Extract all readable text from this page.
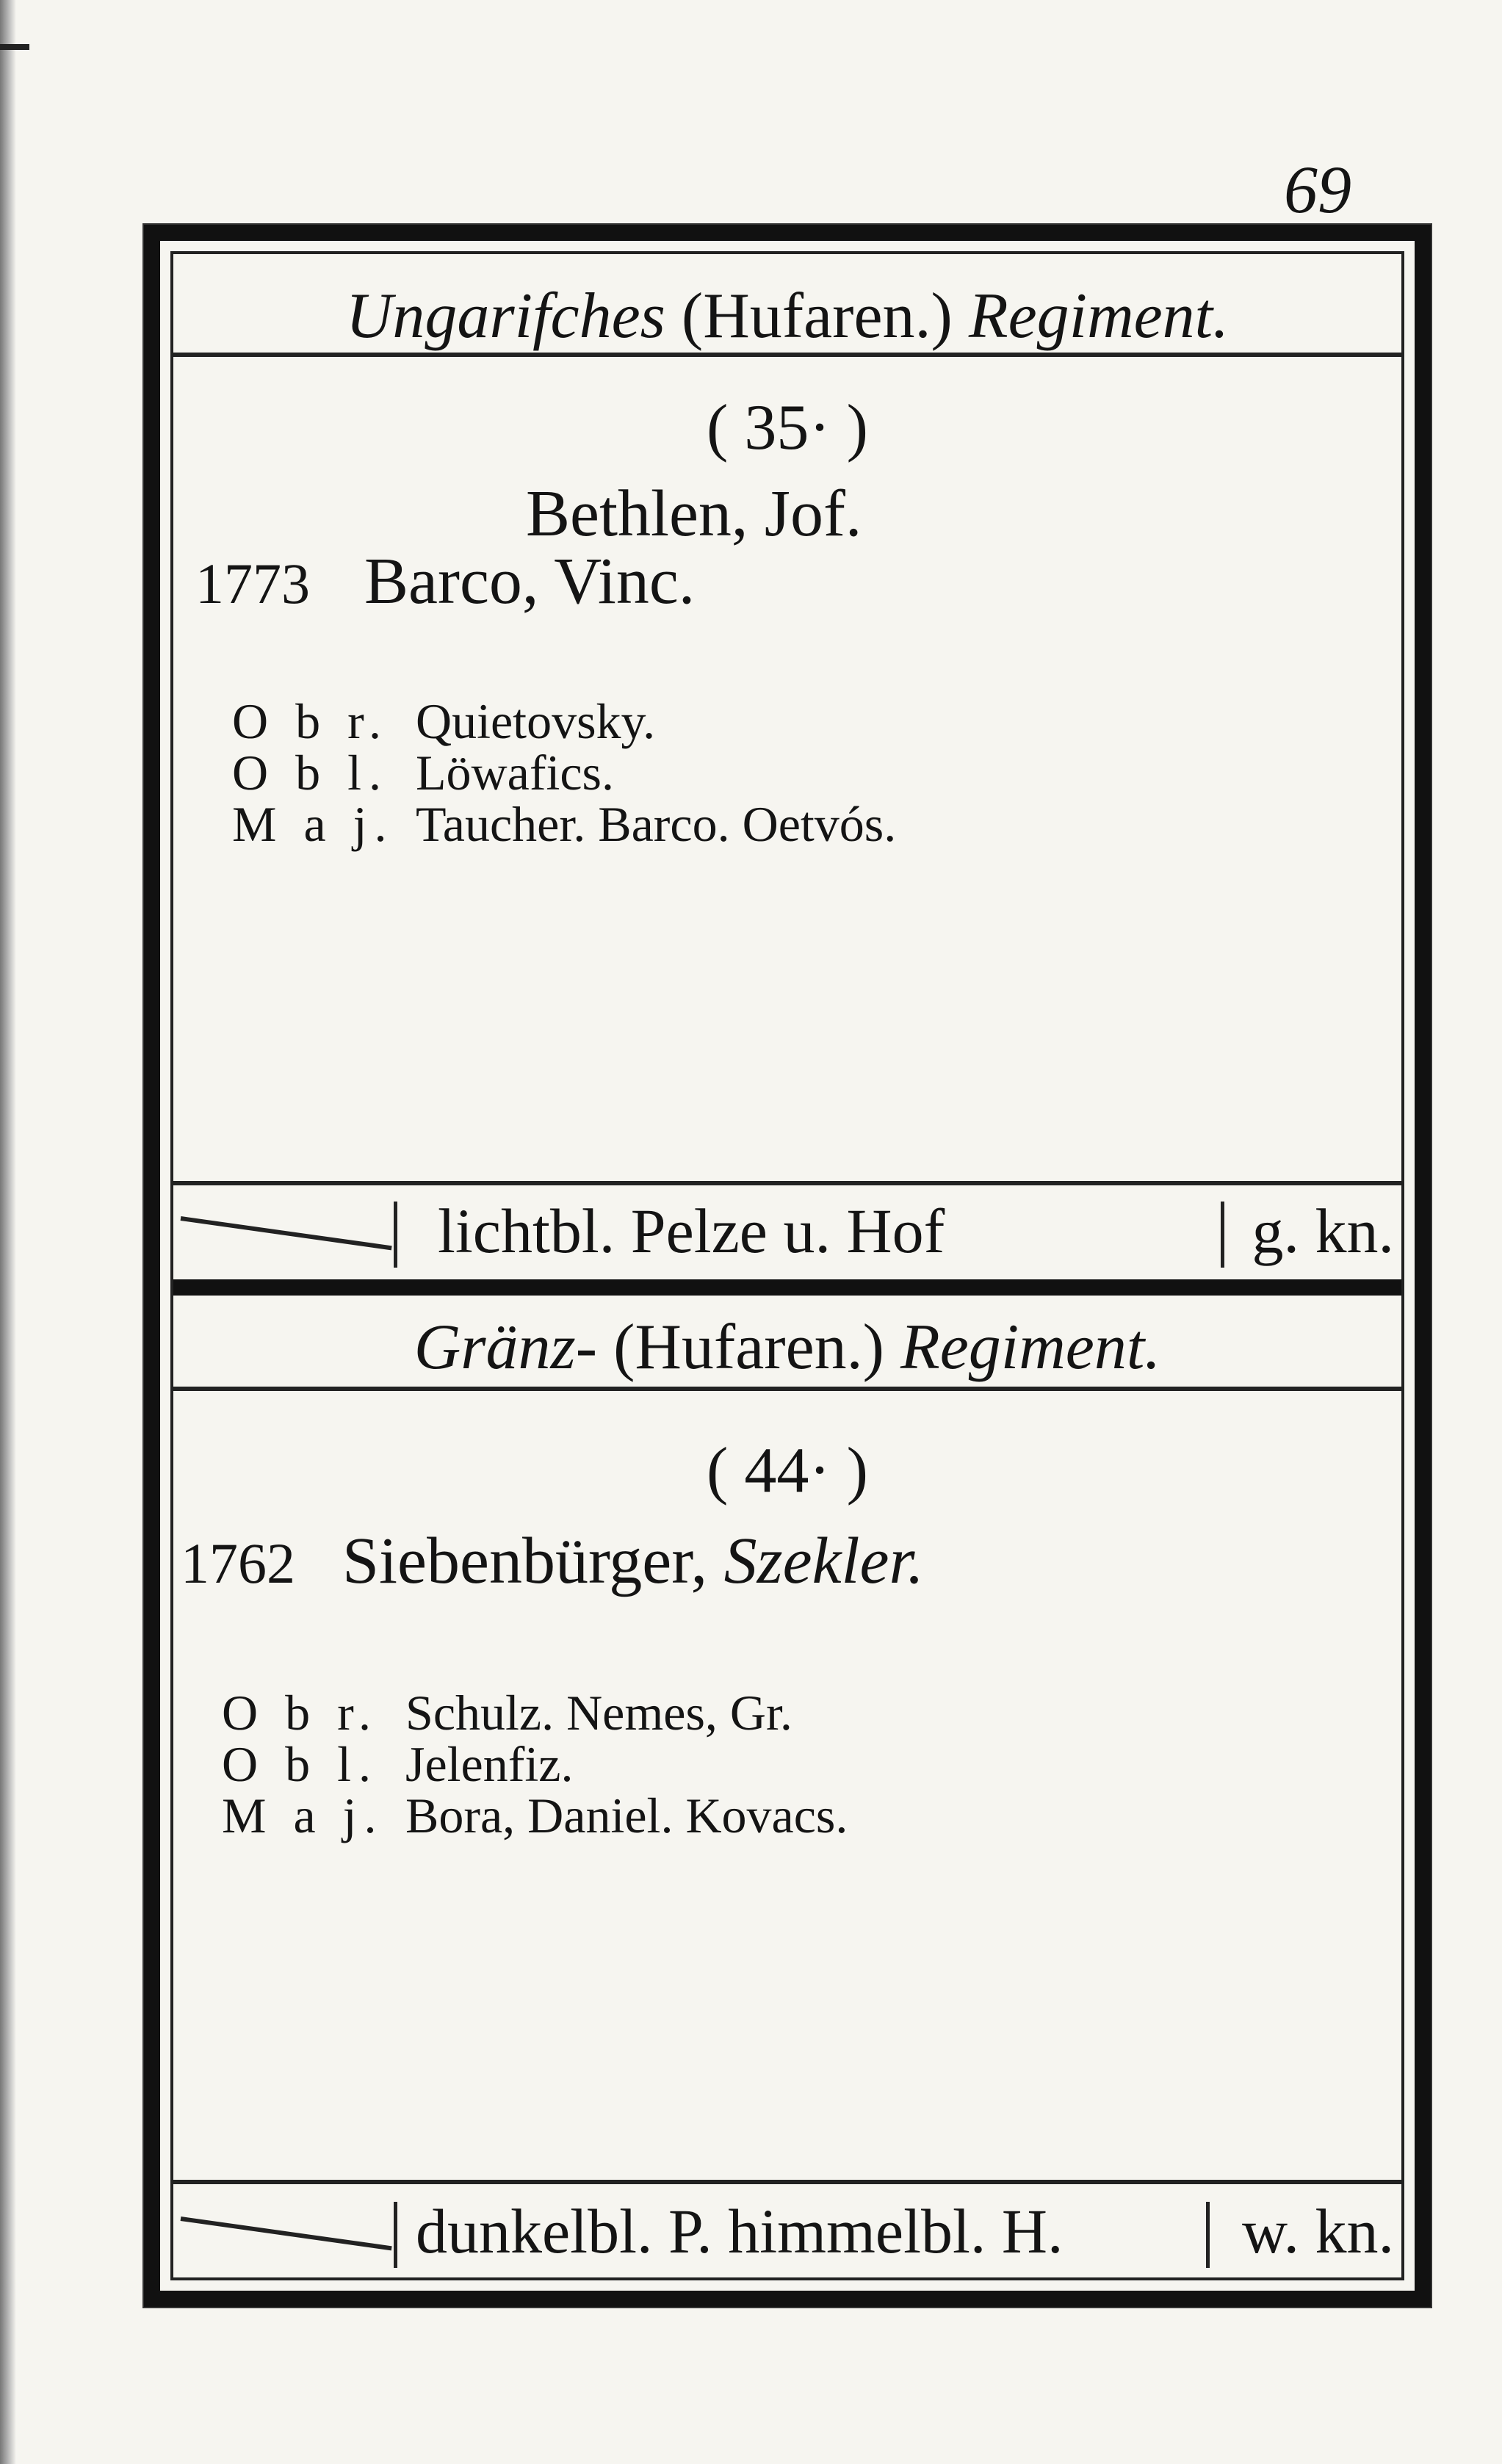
69
Ungarifches (Hufaren.) Regiment.
( 35· )
Bethlen, Jof.
1773 Barco, Vinc.
O b r. Quietovsky.
O b l. Löwafics.
M a j. Taucher. Barco. Oetvós.
lichtbl. Pelze u. Hof	g. kn.
Gränz- (Hufaren.) Regiment.
( 44· )
1762 Siebenbürger, Szekler.
O b r. Schulz. Nemes, Gr.
O b l. Jelenfiz.
M a j. Bora, Daniel. Kovacs.
dunkelbl. P. himmelbl. H.	w. kn.
